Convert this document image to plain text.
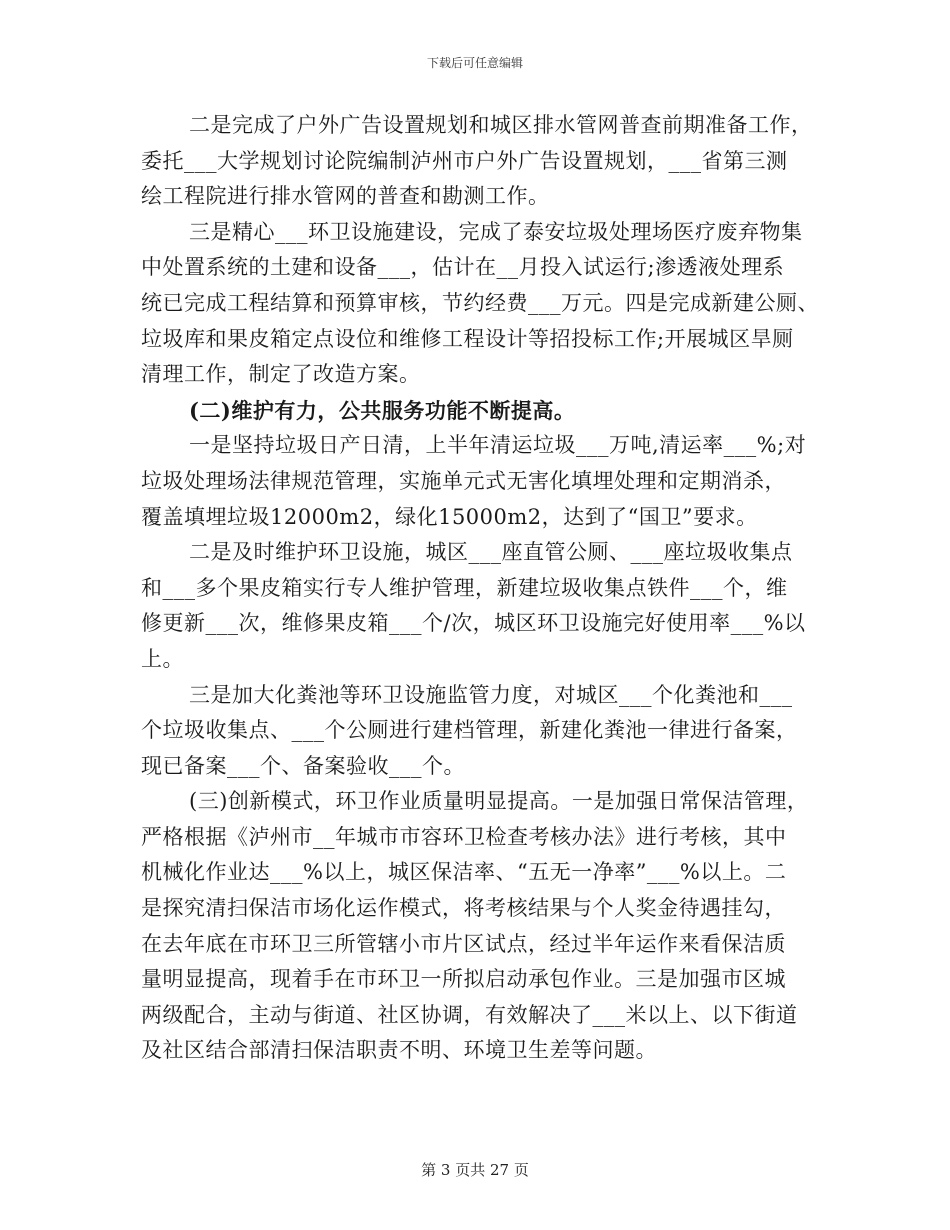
下载后可任意编辑
二是完成了户外广告设置规划和城区排水管网普查前期准备工作，
委托___大学规划讨论院编制泸州市户外广告设置规划，___省第三测
绘工程院进行排水管网的普查和勘测工作。
三是精心___环卫设施建设，完成了泰安垃圾处理场医疗废弃物集
中处置系统的土建和设备___，估计在__月投入试运行;渗透液处理系
统已完成工程结算和预算审核，节约经费___万元。四是完成新建公厕、
垃圾库和果皮箱定点设位和维修工程设计等招投标工作;开展城区旱厕
清理工作，制定了改造方案。
(二)维护有力，公共服务功能不断提高。
一是坚持垃圾日产日清，上半年清运垃圾___万吨,清运率___%;对
垃圾处理场法律规范管理，实施单元式无害化填埋处理和定期消杀，
覆盖填埋垃圾12000m2，绿化15000m2，达到了“国卫”要求。
二是及时维护环卫设施，城区___座直管公厕、___座垃圾收集点
和___多个果皮箱实行专人维护管理，新建垃圾收集点铁件___个，维
修更新___次，维修果皮箱___个/次，城区环卫设施完好使用率___%以
上。
三是加大化粪池等环卫设施监管力度，对城区___个化粪池和___
个垃圾收集点、___个公厕进行建档管理，新建化粪池一律进行备案，
现已备案___个、备案验收___个。
(三)创新模式，环卫作业质量明显提高。一是加强日常保洁管理，
严格根据《泸州市__年城市市容环卫检查考核办法》进行考核，其中
机械化作业达___%以上，城区保洁率、“五无一净率”___%以上。二
是探究清扫保洁市场化运作模式，将考核结果与个人奖金待遇挂勾，
在去年底在市环卫三所管辖小市片区试点，经过半年运作来看保洁质
量明显提高，现着手在市环卫一所拟启动承包作业。三是加强市区城
两级配合，主动与街道、社区协调，有效解决了___米以上、以下街道
及社区结合部清扫保洁职责不明、环境卫生差等问题。
第 3 页共 27 页
